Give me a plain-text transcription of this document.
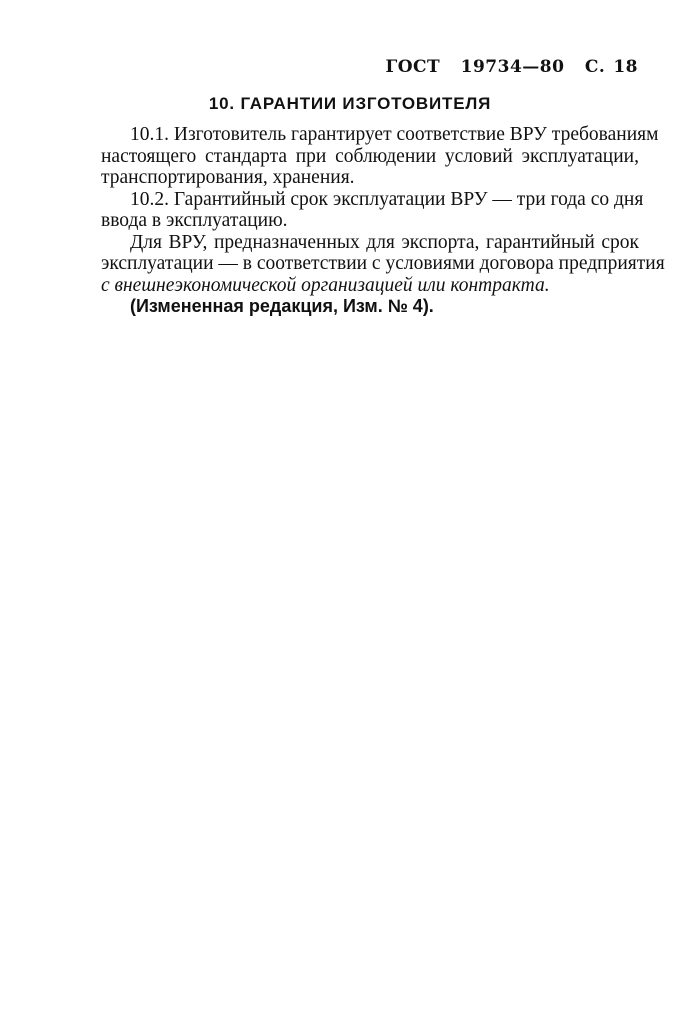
ГОСТ 19734—80 С. 18
10. ГАРАНТИИ ИЗГОТОВИТЕЛЯ
10.1. Изготовитель гарантирует соответствие ВРУ требованиям
настоящего стандарта при соблюдении условий эксплуатации,
транспортирования, хранения.
10.2. Гарантийный срок эксплуатации ВРУ — три года со дня
ввода в эксплуатацию.
Для ВРУ, предназначенных для экспорта, гарантийный срок
эксплуатации — в соответствии с условиями договора предприятия
с внешнеэкономической организацией или контракта.
(Измененная редакция, Изм. № 4).
